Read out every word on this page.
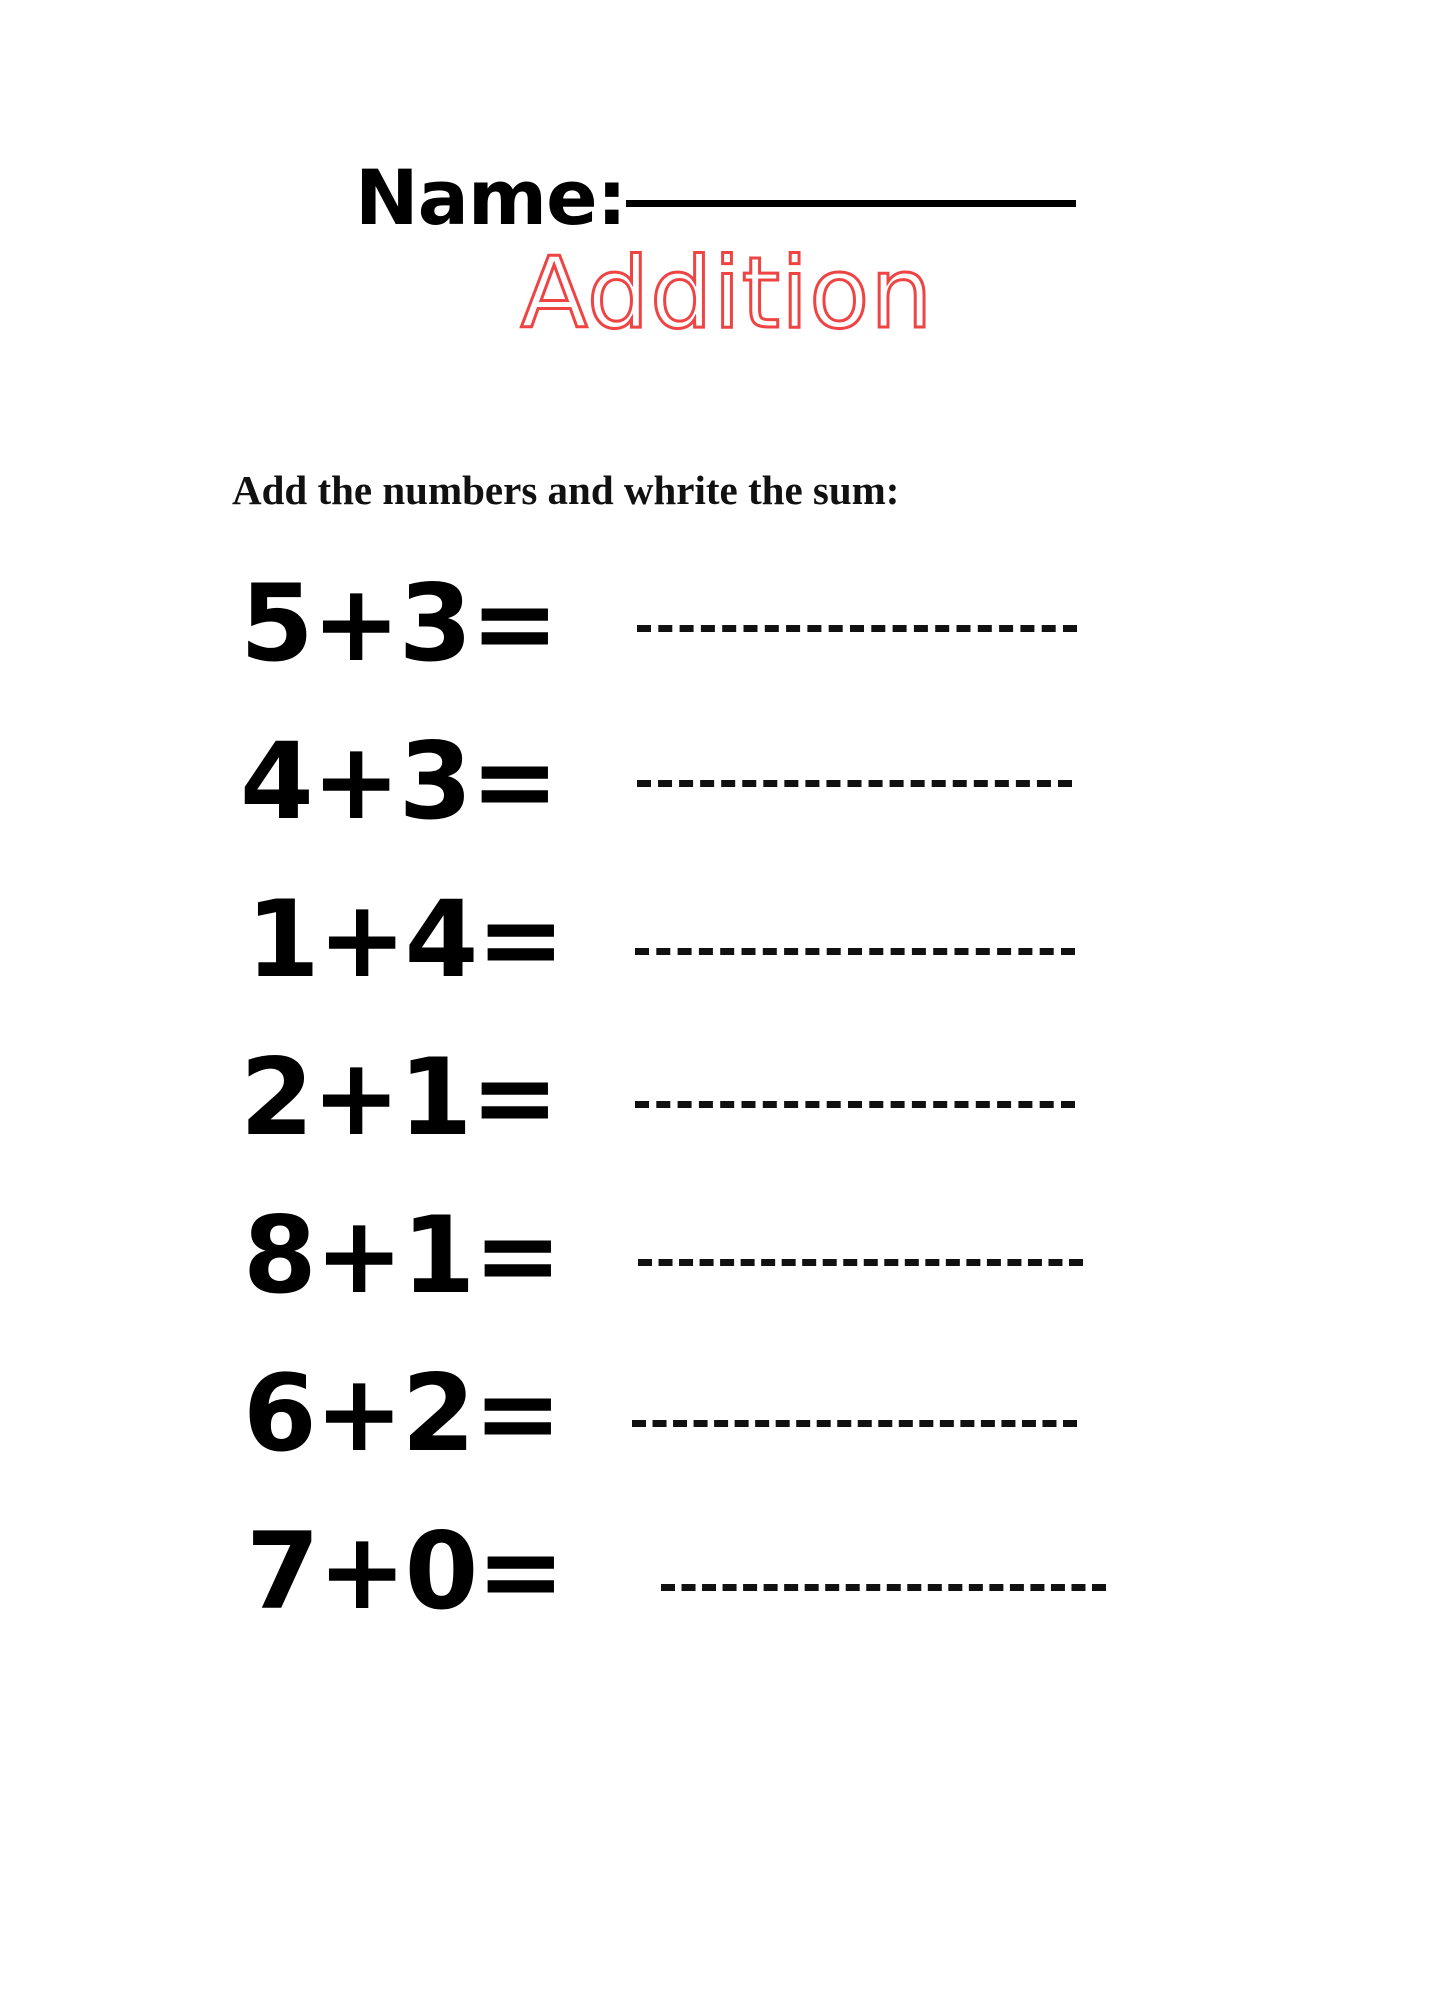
Name:
Addition
Add the numbers and whrite the sum:
5+3=
4+3=
1+4=
2+1=
8+1=
6+2=
7+0=
